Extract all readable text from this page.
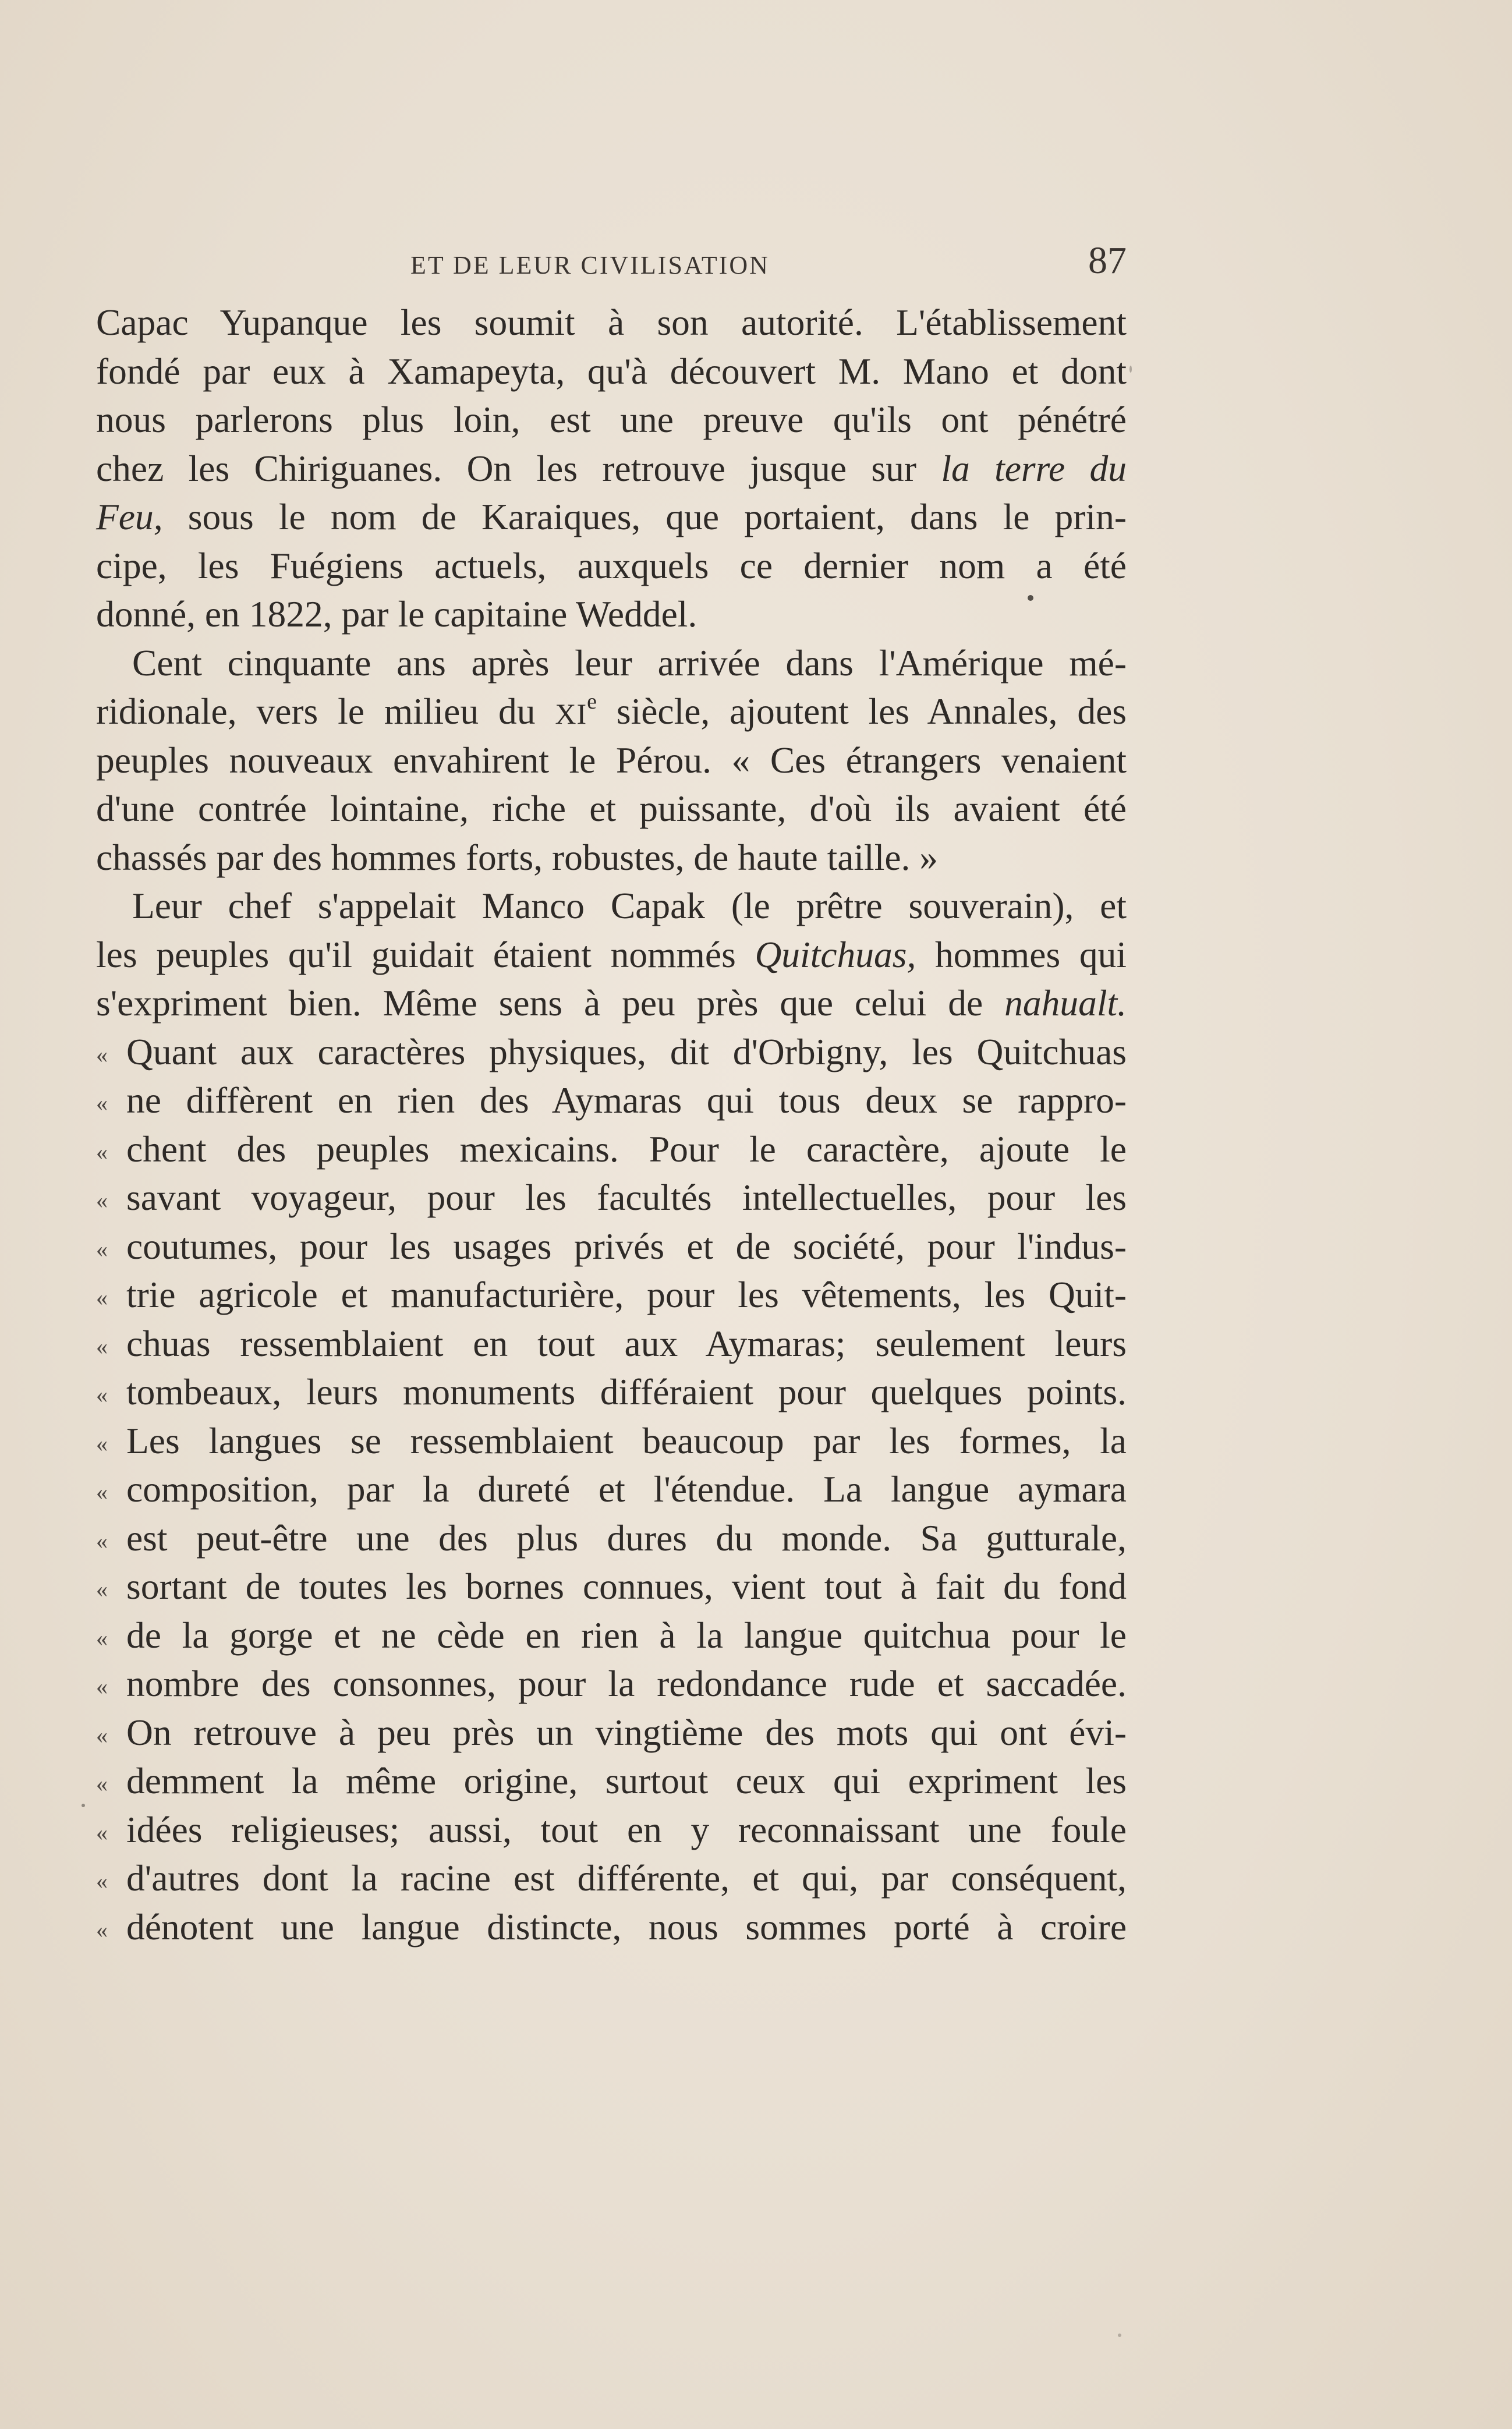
ET DE LEUR CIVILISATION	87
Capac Yupanque les soumit à son autorité. L'établissement
fondé par eux à Xamapeyta, qu'à découvert M. Mano et dont
nous parlerons plus loin, est une preuve qu'ils ont pénétré
chez les Chiriguanes. On les retrouve jusque sur la terre du
Feu, sous le nom de Karaiques, que portaient, dans le prin-
cipe, les Fuégiens actuels, auxquels ce dernier nom a été
donné, en 1822, par le capitaine Weddel.
Cent cinquante ans après leur arrivée dans l'Amérique mé-
ridionale, vers le milieu du XIe siècle, ajoutent les Annales, des
peuples nouveaux envahirent le Pérou. « Ces étrangers venaient
d'une contrée lointaine, riche et puissante, d'où ils avaient été
chassés par des hommes forts, robustes, de haute taille. »
Leur chef s'appelait Manco Capak (le prêtre souverain), et
les peuples qu'il guidait étaient nommés Quitchuas, hommes qui
s'expriment bien. Même sens à peu près que celui de nahualt.
« Quant aux caractères physiques, dit d'Orbigny, les Quitchuas
« ne diffèrent en rien des Aymaras qui tous deux se rappro-
« chent des peuples mexicains. Pour le caractère, ajoute le
« savant voyageur, pour les facultés intellectuelles, pour les
« coutumes, pour les usages privés et de société, pour l'indus-
« trie agricole et manufacturière, pour les vêtements, les Quit-
« chuas ressemblaient en tout aux Aymaras; seulement leurs
« tombeaux, leurs monuments différaient pour quelques points.
« Les langues se ressemblaient beaucoup par les formes, la
« composition, par la dureté et l'étendue. La langue aymara
« est peut-être une des plus dures du monde. Sa gutturale,
« sortant de toutes les bornes connues, vient tout à fait du fond
« de la gorge et ne cède en rien à la langue quitchua pour le
« nombre des consonnes, pour la redondance rude et saccadée.
« On retrouve à peu près un vingtième des mots qui ont évi-
« demment la même origine, surtout ceux qui expriment les
« idées religieuses; aussi, tout en y reconnaissant une foule
« d'autres dont la racine est différente, et qui, par conséquent,
« dénotent une langue distincte, nous sommes porté à croire
